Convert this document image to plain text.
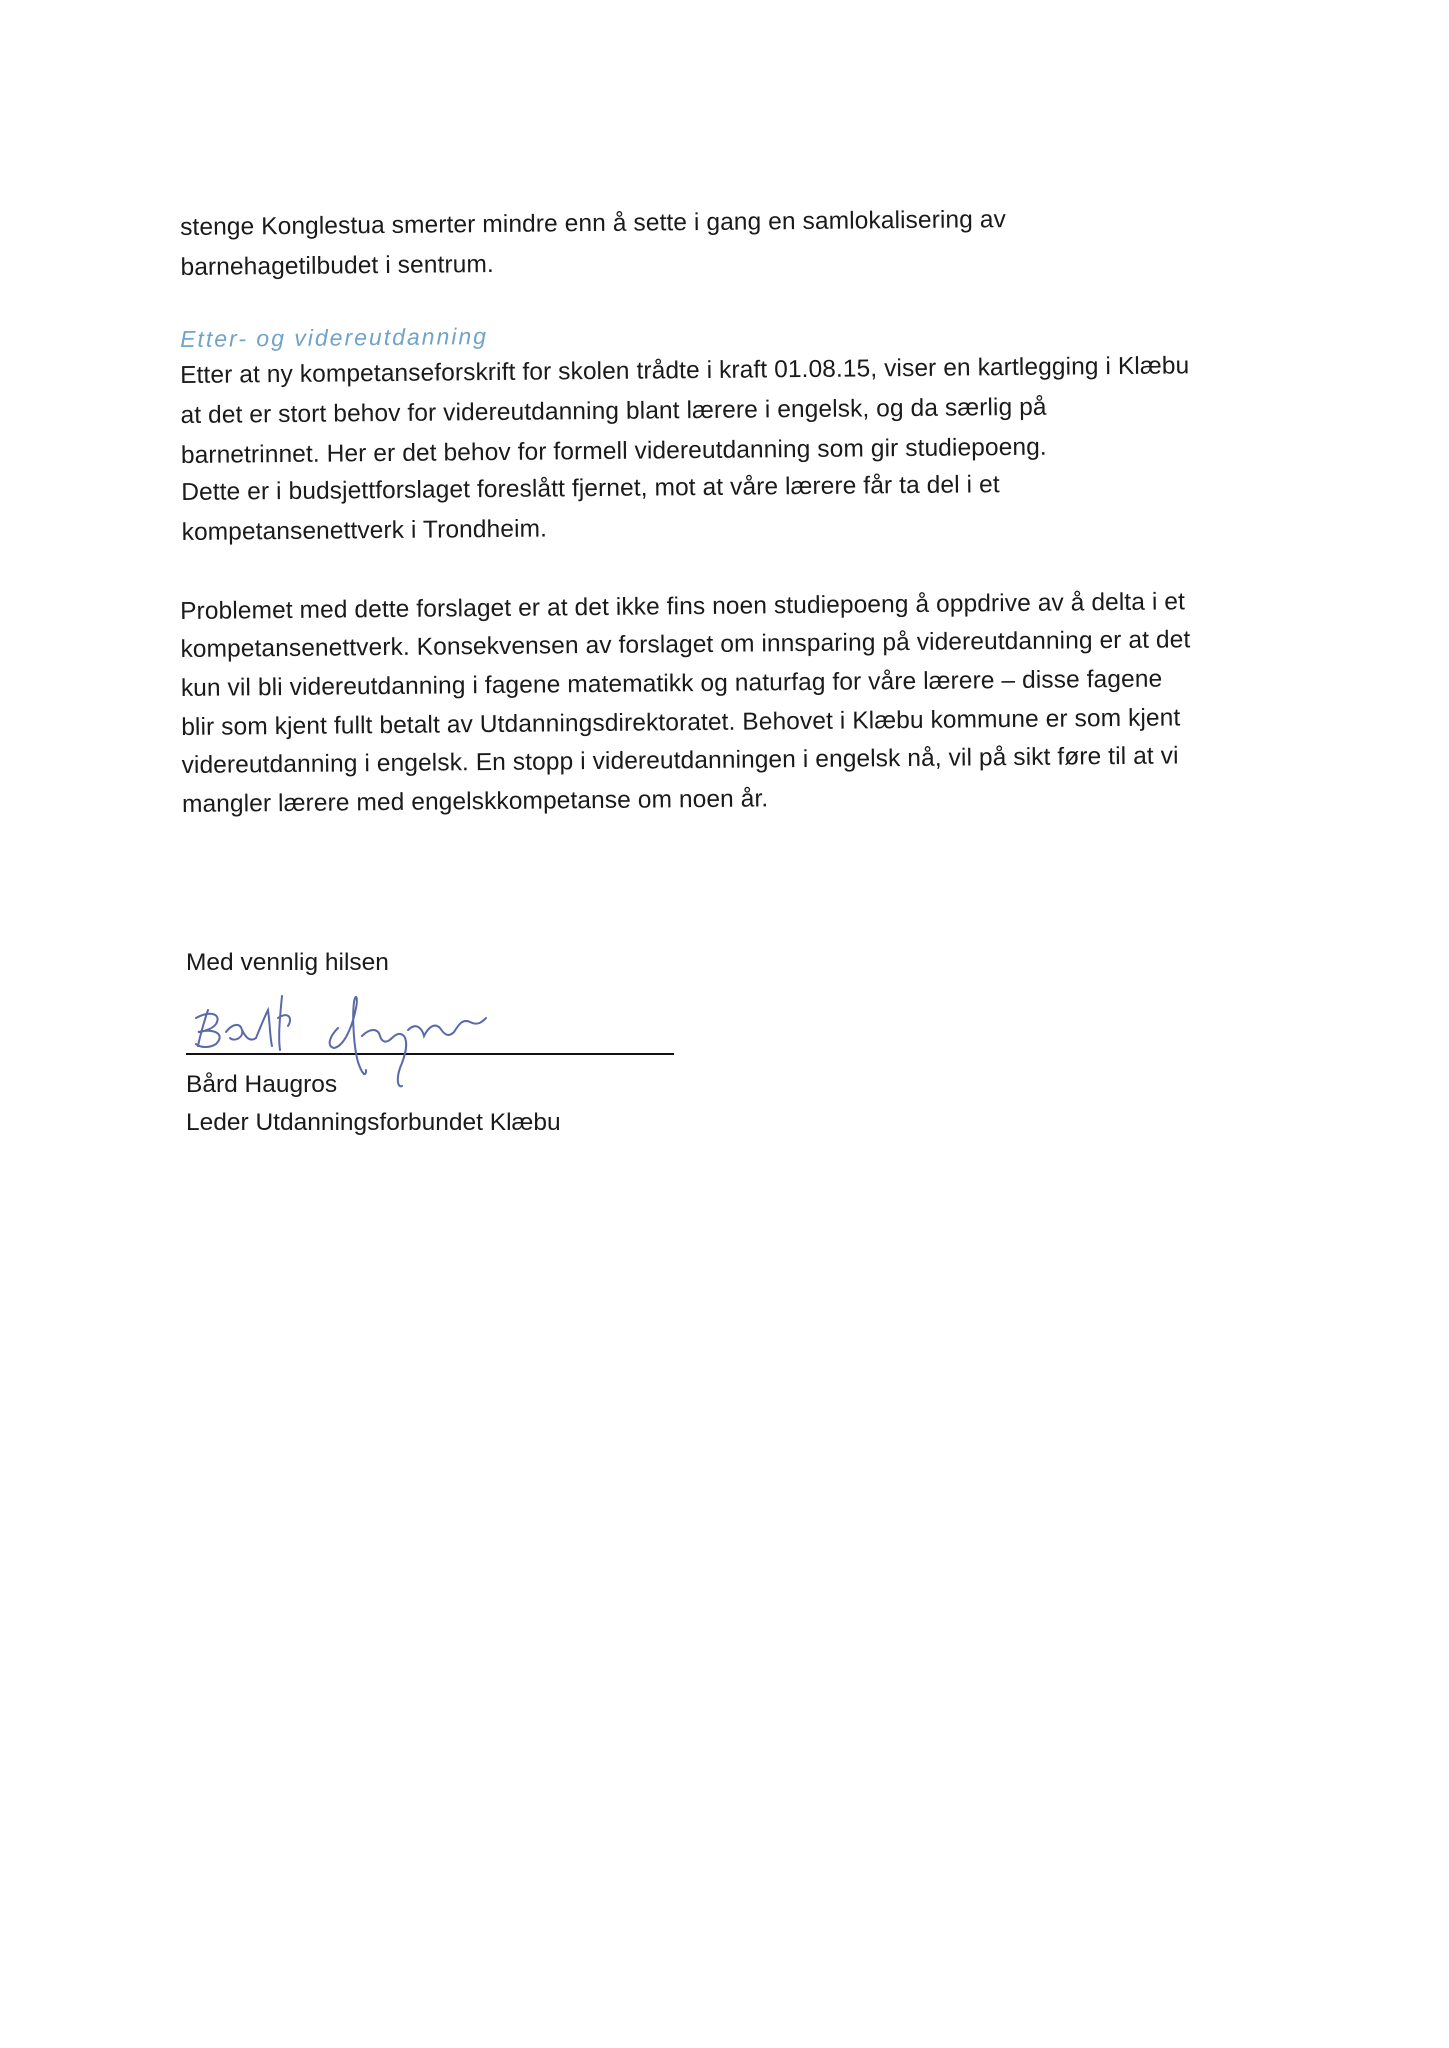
stenge Konglestua smerter mindre enn å sette i gang en samlokalisering av
barnehagetilbudet i sentrum.
Etter- og videreutdanning
Etter at ny kompetanseforskrift for skolen trådte i kraft 01.08.15, viser en kartlegging i Klæbu
at det er stort behov for videreutdanning blant lærere i engelsk, og da særlig på
barnetrinnet. Her er det behov for formell videreutdanning som gir studiepoeng.
Dette er i budsjettforslaget foreslått fjernet, mot at våre lærere får ta del i et
kompetansenettverk i Trondheim.
Problemet med dette forslaget er at det ikke fins noen studiepoeng å oppdrive av å delta i et
kompetansenettverk. Konsekvensen av forslaget om innsparing på videreutdanning er at det
kun vil bli videreutdanning i fagene matematikk og naturfag for våre lærere – disse fagene
blir som kjent fullt betalt av Utdanningsdirektoratet. Behovet i Klæbu kommune er som kjent
videreutdanning i engelsk. En stopp i videreutdanningen i engelsk nå, vil på sikt føre til at vi
mangler lærere med engelskkompetanse om noen år.
Med vennlig hilsen
Bård Haugros
Leder Utdanningsforbundet Klæbu
